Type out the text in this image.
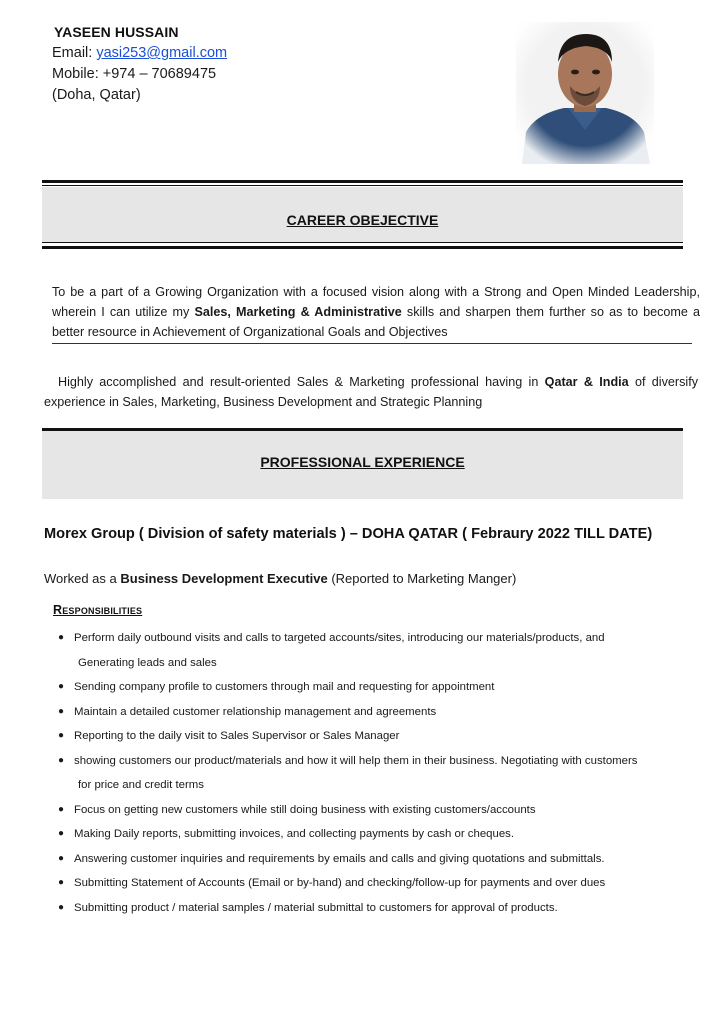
YASEEN HUSSAIN
Email: yasi253@gmail.com
Mobile: +974 – 70689475
(Doha, Qatar)
CAREER OBEJECTIVE
To be a part of a Growing Organization with a focused vision along with a Strong and Open Minded Leadership, wherein I can utilize my Sales, Marketing & Administrative skills and sharpen them further so as to become a better resource in Achievement of Organizational Goals and Objectives
Highly accomplished and result-oriented Sales & Marketing professional having in Qatar & India of diversify experience in Sales, Marketing, Business Development and Strategic Planning
PROFESSIONAL EXPERIENCE
Morex Group ( Division of safety materials ) – DOHA QATAR ( Febraury 2022 TILL DATE)
Worked as a Business Development Executive (Reported to Marketing Manger)
Responsibilities
● Perform daily outbound visits and calls to targeted accounts/sites, introducing our materials/products, and
Generating leads and sales
● Sending company profile to customers through mail and requesting for appointment
● Maintain a detailed customer relationship management and agreements
● Reporting to the daily visit to Sales Supervisor or Sales Manager
● showing customers our product/materials and how it will help them in their business. Negotiating with customers
for price and credit terms
● Focus on getting new customers while still doing business with existing customers/accounts
● Making Daily reports, submitting invoices, and collecting payments by cash or cheques.
● Answering customer inquiries and requirements by emails and calls and giving quotations and submittals.
● Submitting Statement of Accounts (Email or by-hand) and checking/follow-up for payments and over dues
● Submitting product / material samples / material submittal to customers for approval of products.
